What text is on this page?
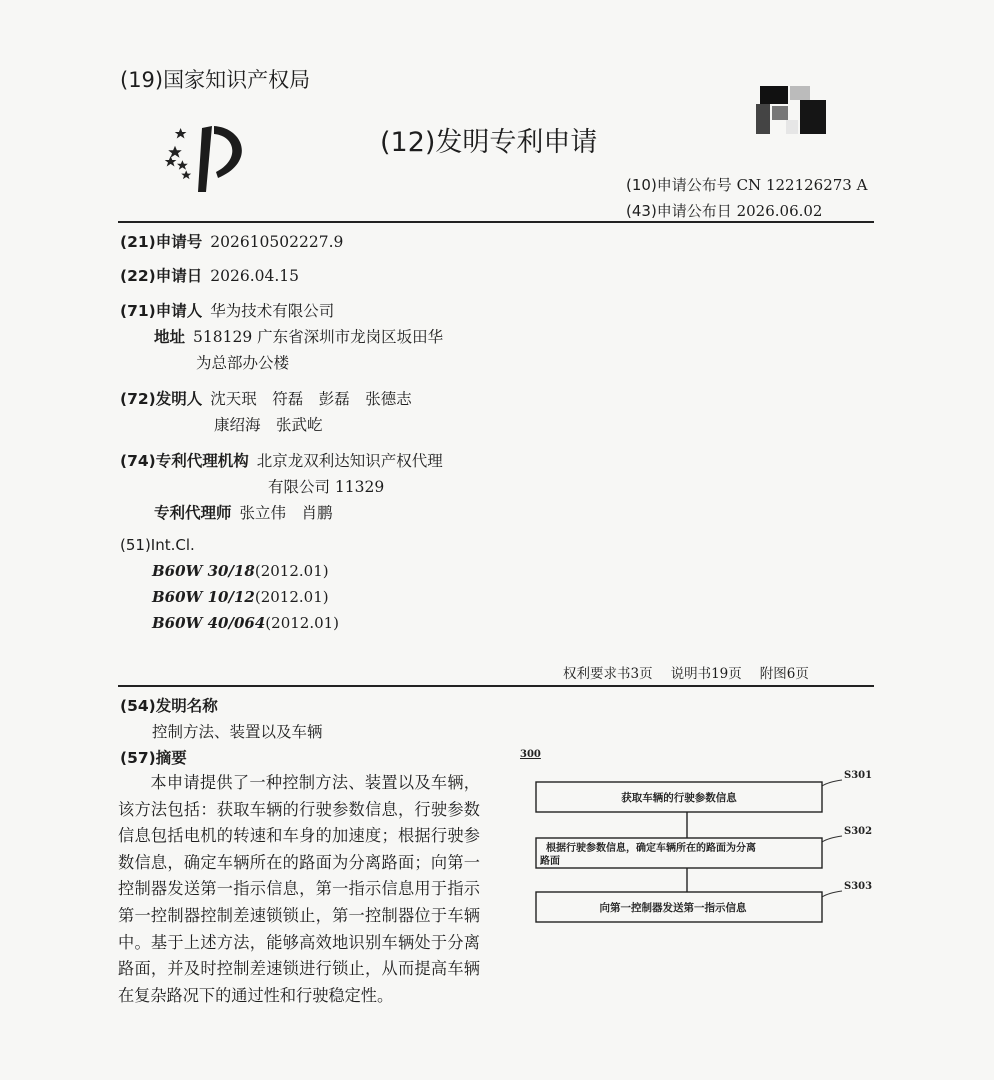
(19)国家知识产权局
(12)发明专利申请
(10)申请公布号 CN 122126273 A
(43)申请公布日 2026.06.02
(21)申请号 202610502227.9
(22)申请日 2026.04.15
(71)申请人 华为技术有限公司
地址 518129 广东省深圳市龙岗区坂田华
为总部办公楼
(72)发明人 沈天珉　符磊　彭磊　张德志
康绍海　张武屹
(74)专利代理机构 北京龙双利达知识产权代理
有限公司 11329
专利代理师 张立伟　肖鹏
(51)Int.Cl.
B60W 30/18(2012.01)
B60W 10/12(2012.01)
B60W 40/064(2012.01)
权利要求书3页 说明书19页 附图6页
(54)发明名称
控制方法、装置以及车辆
(57)摘要
本申请提供了一种控制方法、装置以及车辆，该方法包括：获取车辆的行驶参数信息，行驶参数信息包括电机的转速和车身的加速度；根据行驶参数信息，确定车辆所在的路面为分离路面；向第一控制器发送第一指示信息，第一指示信息用于指示第一控制器控制差速锁锁止，第一控制器位于车辆中。基于上述方法，能够高效地识别车辆处于分离路面，并及时控制差速锁进行锁止，从而提高车辆在复杂路况下的通过性和行驶稳定性。
300
S301
获取车辆的行驶参数信息
S302
根据行驶参数信息，确定车辆所在的路面为分离
路面
S303
向第一控制器发送第一指示信息
